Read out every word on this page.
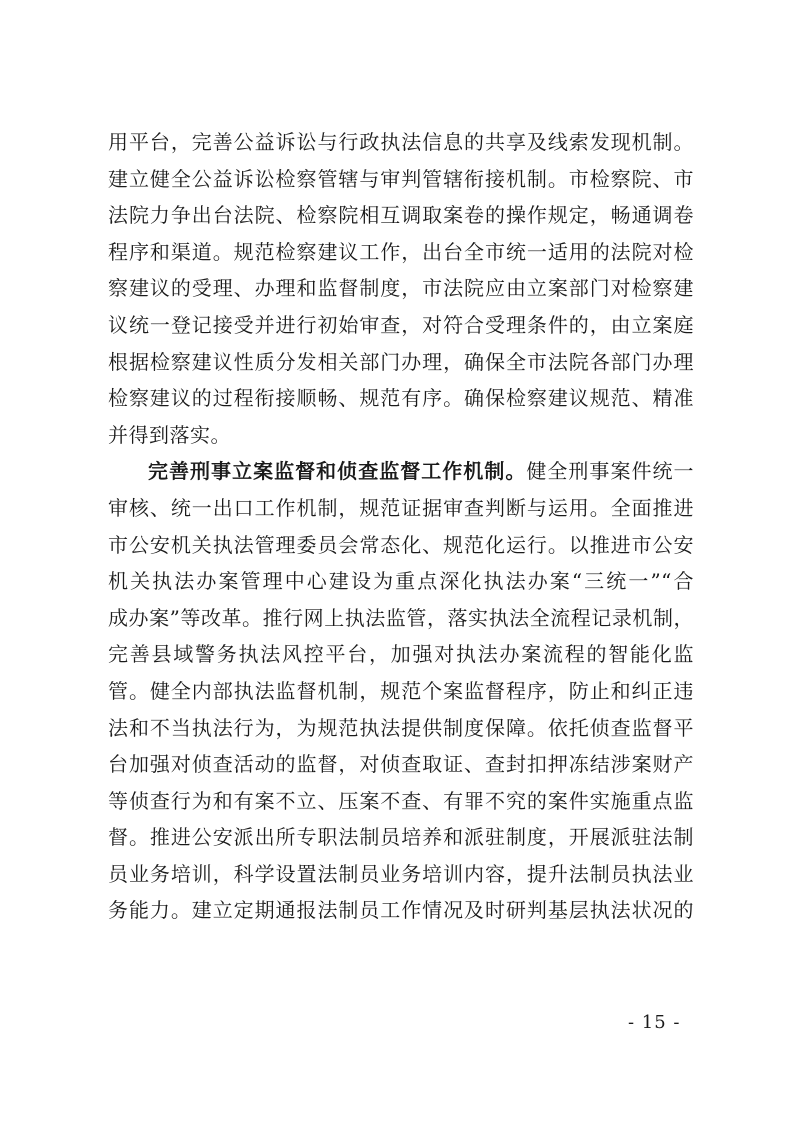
用平台，完善公益诉讼与行政执法信息的共享及线索发现机制。
建立健全公益诉讼检察管辖与审判管辖衔接机制。市检察院、市
法院力争出台法院、检察院相互调取案卷的操作规定，畅通调卷
程序和渠道。规范检察建议工作，出台全市统一适用的法院对检
察建议的受理、办理和监督制度，市法院应由立案部门对检察建
议统一登记接受并进行初始审查，对符合受理条件的，由立案庭
根据检察建议性质分发相关部门办理，确保全市法院各部门办理
检察建议的过程衔接顺畅、规范有序。确保检察建议规范、精准
并得到落实。
完善刑事立案监督和侦查监督工作机制。健全刑事案件统一
审核、统一出口工作机制，规范证据审查判断与运用。全面推进
市公安机关执法管理委员会常态化、规范化运行。以推进市公安
机关执法办案管理中心建设为重点深化执法办案“三统一”“合
成办案”等改革。推行网上执法监管，落实执法全流程记录机制，
完善县域警务执法风控平台，加强对执法办案流程的智能化监
管。健全内部执法监督机制，规范个案监督程序，防止和纠正违
法和不当执法行为，为规范执法提供制度保障。依托侦查监督平
台加强对侦查活动的监督，对侦查取证、查封扣押冻结涉案财产
等侦查行为和有案不立、压案不查、有罪不究的案件实施重点监
督。推进公安派出所专职法制员培养和派驻制度，开展派驻法制
员业务培训，科学设置法制员业务培训内容，提升法制员执法业
务能力。建立定期通报法制员工作情况及时研判基层执法状况的
- 15 -
